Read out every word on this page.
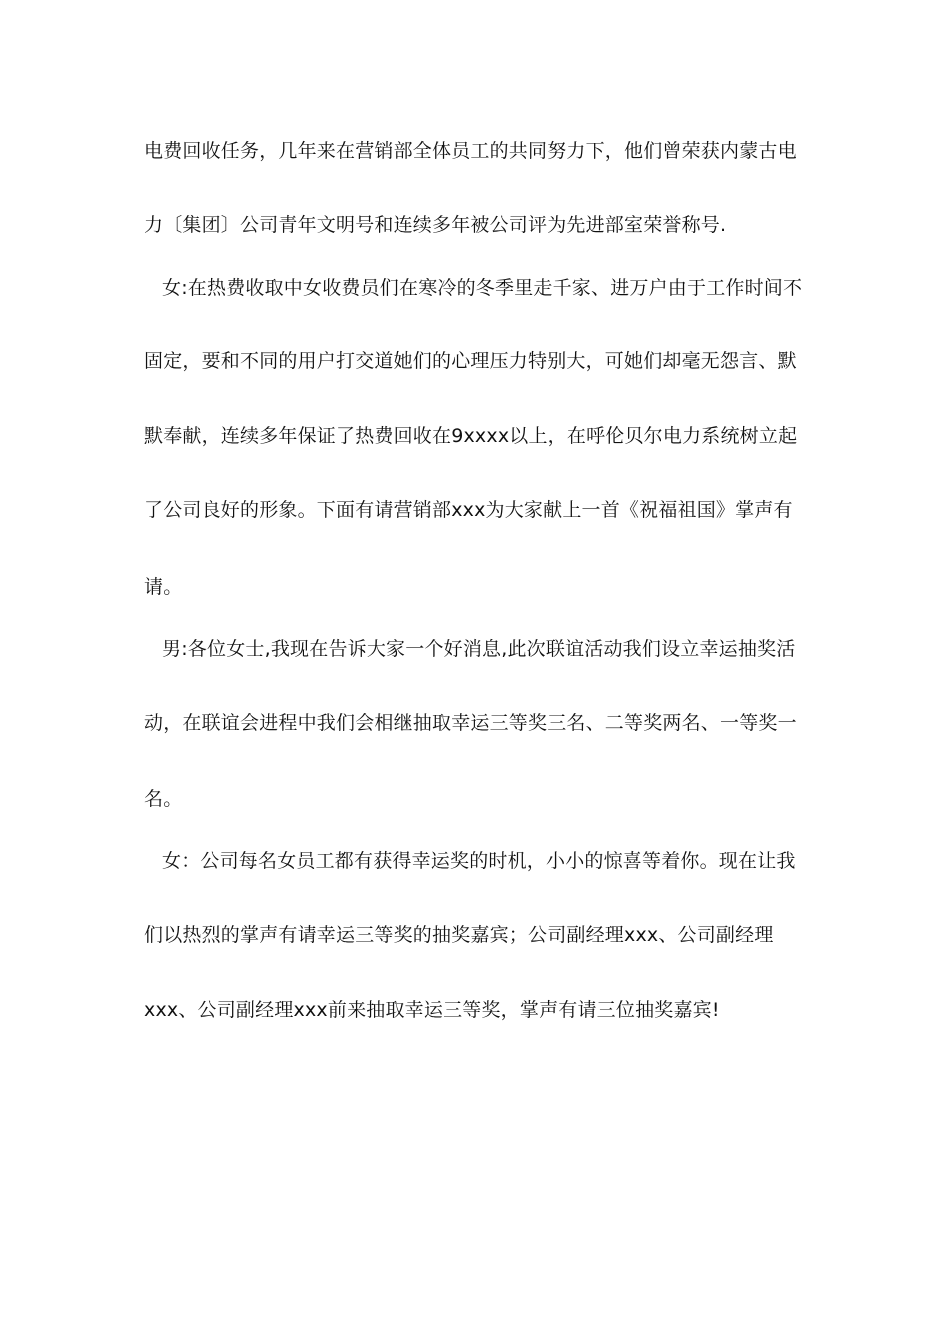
电费回收任务，几年来在营销部全体员工的共同努力下，他们曾荣获内蒙古电
力〔集团〕公司青年文明号和连续多年被公司评为先进部室荣誉称号.
女:在热费收取中女收费员们在寒冷的冬季里走千家、进万户由于工作时间不
固定，要和不同的用户打交道她们的心理压力特别大，可她们却毫无怨言、默
默奉献，连续多年保证了热费回收在9xxxx以上，在呼伦贝尔电力系统树立起
了公司良好的形象。下面有请营销部xxx为大家献上一首《祝福祖国》掌声有
请。
男:各位女士,我现在告诉大家一个好消息,此次联谊活动我们设立幸运抽奖活
动，在联谊会进程中我们会相继抽取幸运三等奖三名、二等奖两名、一等奖一
名。
女：公司每名女员工都有获得幸运奖的时机，小小的惊喜等着你。现在让我
们以热烈的掌声有请幸运三等奖的抽奖嘉宾；公司副经理xxx、公司副经理
xxx、公司副经理xxx前来抽取幸运三等奖，掌声有请三位抽奖嘉宾!
